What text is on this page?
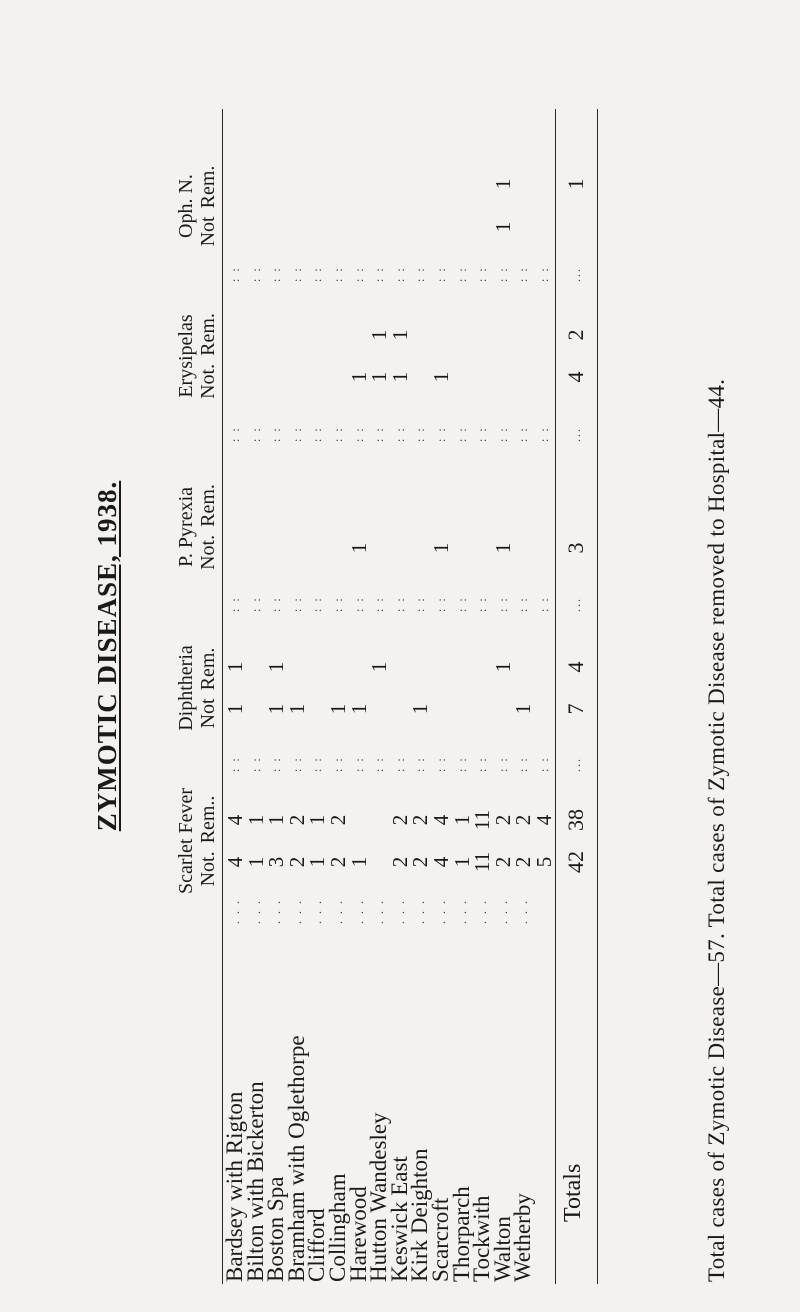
ZYMOTIC DISEASE, 1938.
Totals	Total cases of Zymotic Disease—57. Total cases of Zymotic Disease removed to Hospital—44.
Scarlet Fever Not.
Rem..
Diphtheria Not
Rem.
P. Pyrexia Not.
Rem.
Erysipelas Not.
Rem.
Oph. N. Not
Rem.
Bardsey with Rigton
. . .
: :
: :
: :
: :
4
4
1
1
Bilton with Bickerton
. . .
: :
: :
: :
: :
1
1
Boston Spa
. . .
: :
: :
: :
: :
3
1
1
1
Bramham with Oglethorpe
. . .
: :
: :
: :
: :
2
2
1
Clifford
. . .
: :
: :
: :
: :
1
1
Collingham
. . .
: :
: :
: :
: :
2
2
1
Harewood
. . .
: :
: :
: :
: :
1
1
1
1
Hutton Wandesley
. . .
: :
: :
: :
: :
1
1
1
Keswick East
. . .
: :
: :
: :
: :
2
2
1
1
Kirk Deighton
. . .
: :
: :
: :
: :
2
2
1
Scarcroft
. . .
: :
: :
: :
: :
4
4
1
1
Thorparch
. . .
: :
: :
: :
: :
1
1
Tockwith
. . .
: :
: :
: :
: :
11
11
Walton
. . .
: :
: :
: :
: :
2
2
1
1
1
1
Wetherby
. . .
: :
: :
: :
: :
2
2
1
: :
: :
: :
: :
5
4
42
38
7
4
3
4
2
1
...
...
...
...
